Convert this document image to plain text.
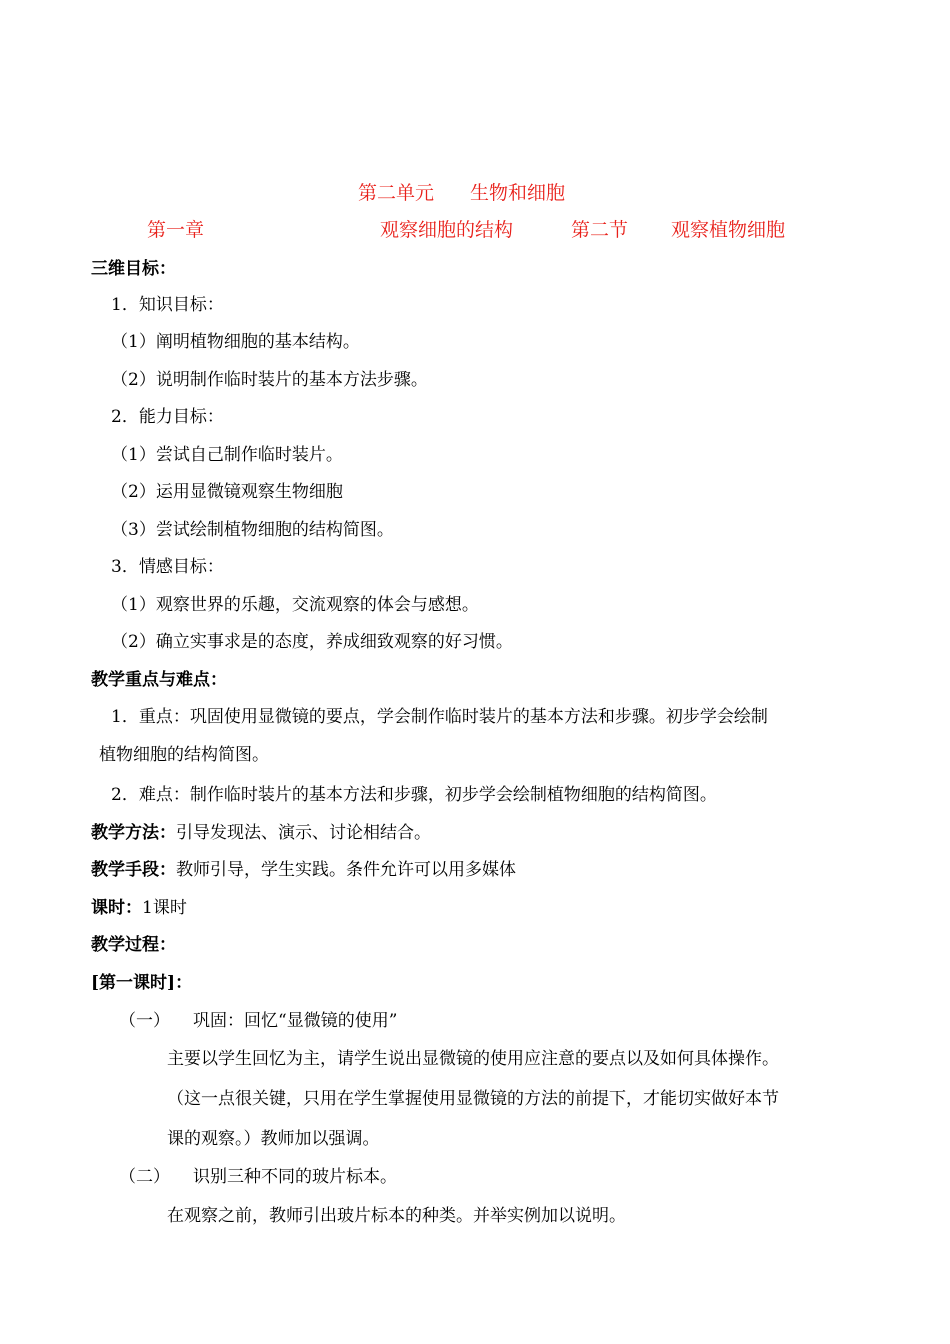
第二单元 生物和细胞
第一章	观察细胞的结构	第二节 观察植物细胞
三维目标：
1．知识目标：
（1）阐明植物细胞的基本结构。
（2）说明制作临时装片的基本方法步骤。
2．能力目标：
（1）尝试自己制作临时装片。
（2）运用显微镜观察生物细胞
（3）尝试绘制植物细胞的结构简图。
3．情感目标：
（1）观察世界的乐趣，交流观察的体会与感想。
（2）确立实事求是的态度，养成细致观察的好习惯。
教学重点与难点：
1．重点：巩固使用显微镜的要点，学会制作临时装片的基本方法和步骤。初步学会绘制
植物细胞的结构简图。
2．难点：制作临时装片的基本方法和步骤，初步学会绘制植物细胞的结构简图。
教学方法：引导发现法、演示、讨论相结合。
教学手段：教师引导，学生实践。条件允许可以用多媒体
课时：1课时
教学过程：
[第一课时]：
（一） 巩固：回忆“显微镜的使用”
主要以学生回忆为主，请学生说出显微镜的使用应注意的要点以及如何具体操作。
（这一点很关键，只用在学生掌握使用显微镜的方法的前提下，才能切实做好本节
课的观察。）教师加以强调。
（二） 识别三种不同的玻片标本。
在观察之前，教师引出玻片标本的种类。并举实例加以说明。
